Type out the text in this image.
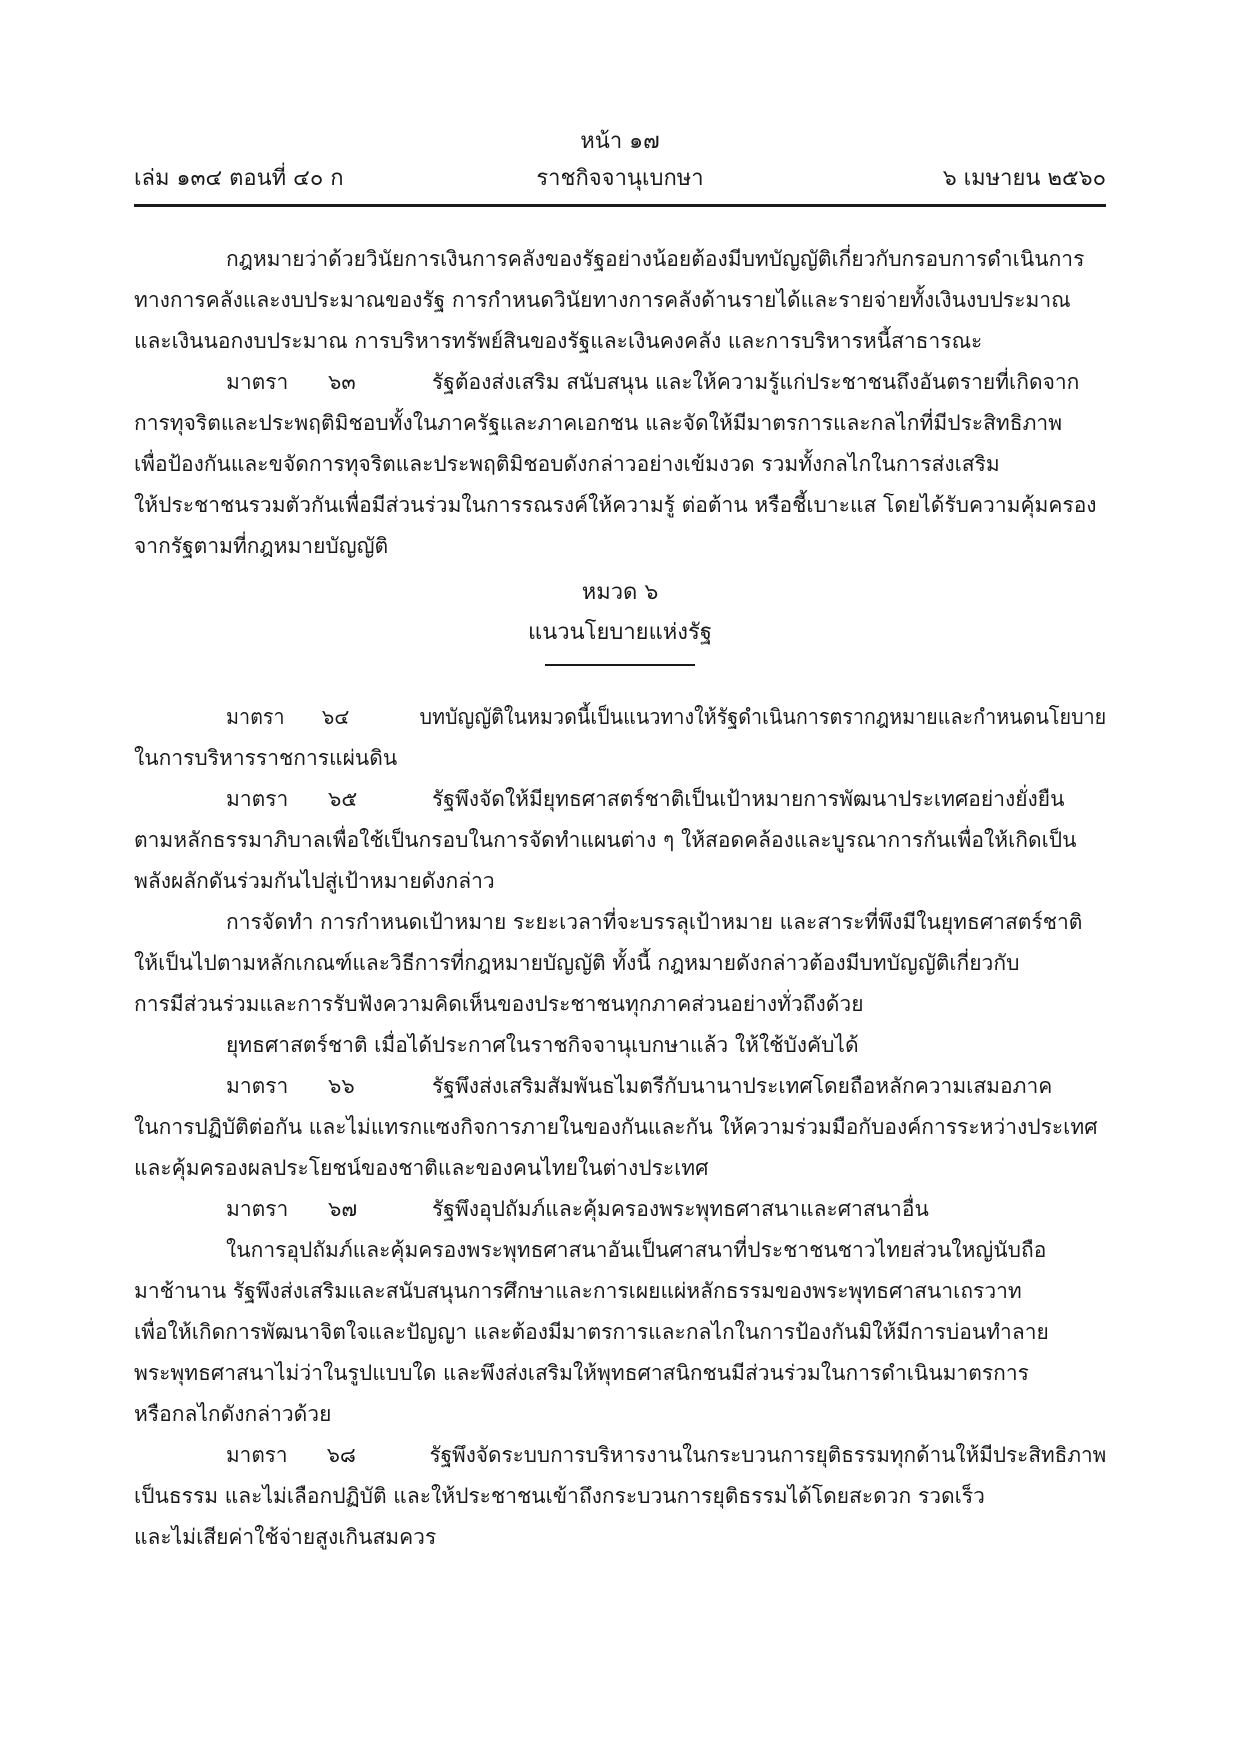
หน้า ๑๗
เล่ม ๑๓๔ ตอนที่ ๔๐ ก	ราชกิจจานุเบกษา	๖ เมษายน ๒๕๖๐
กฎหมายว่าด้วยวินัยการเงินการคลังของรัฐอย่างน้อยต้องมีบทบัญญัติเกี่ยวกับกรอบการดำเนินการ
ทางการคลังและงบประมาณของรัฐ การกำหนดวินัยทางการคลังด้านรายได้และรายจ่ายทั้งเงินงบประมาณ
และเงินนอกงบประมาณ การบริหารทรัพย์สินของรัฐและเงินคงคลัง และการบริหารหนี้สาธารณะ
มาตรา ๖๓	รัฐต้องส่งเสริม สนับสนุน และให้ความรู้แก่ประชาชนถึงอันตรายที่เกิดจาก
การทุจริตและประพฤติมิชอบทั้งในภาครัฐและภาคเอกชน และจัดให้มีมาตรการและกลไกที่มีประสิทธิภาพ
เพื่อป้องกันและขจัดการทุจริตและประพฤติมิชอบดังกล่าวอย่างเข้มงวด รวมทั้งกลไกในการส่งเสริม
ให้ประชาชนรวมตัวกันเพื่อมีส่วนร่วมในการรณรงค์ให้ความรู้ ต่อต้าน หรือชี้เบาะแส โดยได้รับความคุ้มครอง
จากรัฐตามที่กฎหมายบัญญัติ
หมวด ๖
แนวนโยบายแห่งรัฐ
มาตรา ๖๔	บทบัญญัติในหมวดนี้เป็นแนวทางให้รัฐดำเนินการตรากฎหมายและกำหนดนโยบาย
ในการบริหารราชการแผ่นดิน
มาตรา ๖๕	รัฐพึงจัดให้มียุทธศาสตร์ชาติเป็นเป้าหมายการพัฒนาประเทศอย่างยั่งยืน
ตามหลักธรรมาภิบาลเพื่อใช้เป็นกรอบในการจัดทำแผนต่าง ๆ ให้สอดคล้องและบูรณาการกันเพื่อให้เกิดเป็น
พลังผลักดันร่วมกันไปสู่เป้าหมายดังกล่าว
การจัดทำ การกำหนดเป้าหมาย ระยะเวลาที่จะบรรลุเป้าหมาย และสาระที่พึงมีในยุทธศาสตร์ชาติ
ให้เป็นไปตามหลักเกณฑ์และวิธีการที่กฎหมายบัญญัติ ทั้งนี้ กฎหมายดังกล่าวต้องมีบทบัญญัติเกี่ยวกับ
การมีส่วนร่วมและการรับฟังความคิดเห็นของประชาชนทุกภาคส่วนอย่างทั่วถึงด้วย
ยุทธศาสตร์ชาติ เมื่อได้ประกาศในราชกิจจานุเบกษาแล้ว ให้ใช้บังคับได้
มาตรา ๖๖	รัฐพึงส่งเสริมสัมพันธไมตรีกับนานาประเทศโดยถือหลักความเสมอภาค
ในการปฏิบัติต่อกัน และไม่แทรกแซงกิจการภายในของกันและกัน ให้ความร่วมมือกับองค์การระหว่างประเทศ
และคุ้มครองผลประโยชน์ของชาติและของคนไทยในต่างประเทศ
มาตรา ๖๗	รัฐพึงอุปถัมภ์และคุ้มครองพระพุทธศาสนาและศาสนาอื่น
ในการอุปถัมภ์และคุ้มครองพระพุทธศาสนาอันเป็นศาสนาที่ประชาชนชาวไทยส่วนใหญ่นับถือ
มาช้านาน รัฐพึงส่งเสริมและสนับสนุนการศึกษาและการเผยแผ่หลักธรรมของพระพุทธศาสนาเถรวาท
เพื่อให้เกิดการพัฒนาจิตใจและปัญญา และต้องมีมาตรการและกลไกในการป้องกันมิให้มีการบ่อนทำลาย
พระพุทธศาสนาไม่ว่าในรูปแบบใด และพึงส่งเสริมให้พุทธศาสนิกชนมีส่วนร่วมในการดำเนินมาตรการ
หรือกลไกดังกล่าวด้วย
มาตรา ๖๘	รัฐพึงจัดระบบการบริหารงานในกระบวนการยุติธรรมทุกด้านให้มีประสิทธิภาพ
เป็นธรรม และไม่เลือกปฏิบัติ และให้ประชาชนเข้าถึงกระบวนการยุติธรรมได้โดยสะดวก รวดเร็ว
และไม่เสียค่าใช้จ่ายสูงเกินสมควร
